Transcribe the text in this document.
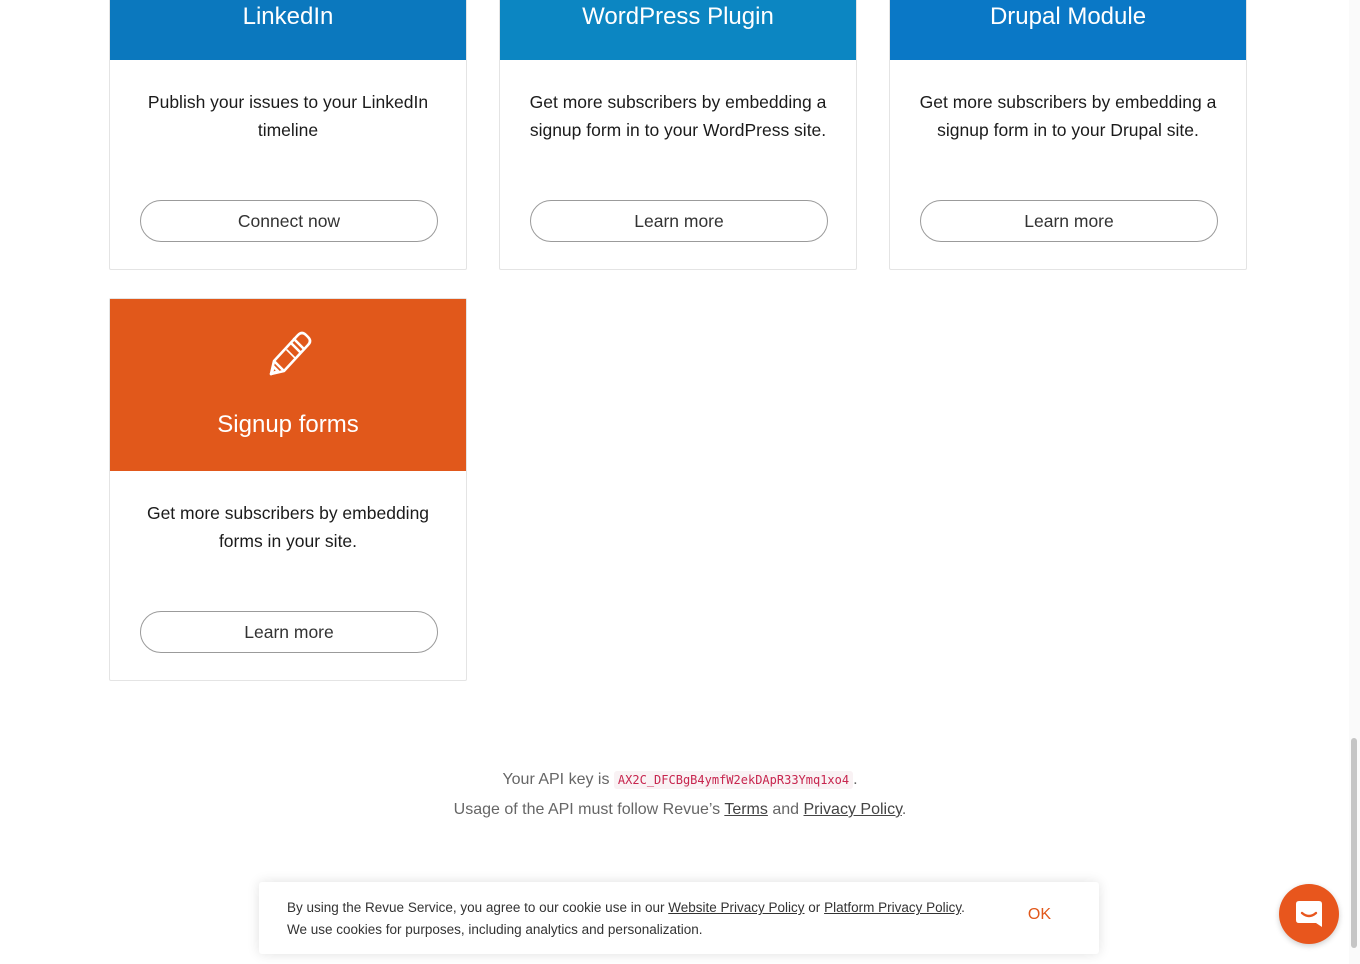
LinkedIn
Publish your issues to your LinkedIn timeline
Connect now
WordPress Plugin
Get more subscribers by embedding a signup form in to your WordPress site.
Learn more
Drupal Module
Get more subscribers by embedding a signup form in to your Drupal site.
Learn more
Signup forms
Get more subscribers by embedding forms in your site.
Learn more
Your API key is AX2C_DFCBgB4ymfW2ekDApR33Ymq1xo4 .
Usage of the API must follow Revue’s Terms and Privacy Policy.
By using the Revue Service, you agree to our cookie use in our Website Privacy Policy or Platform Privacy Policy.
We use cookies for purposes, including analytics and personalization.
OK
